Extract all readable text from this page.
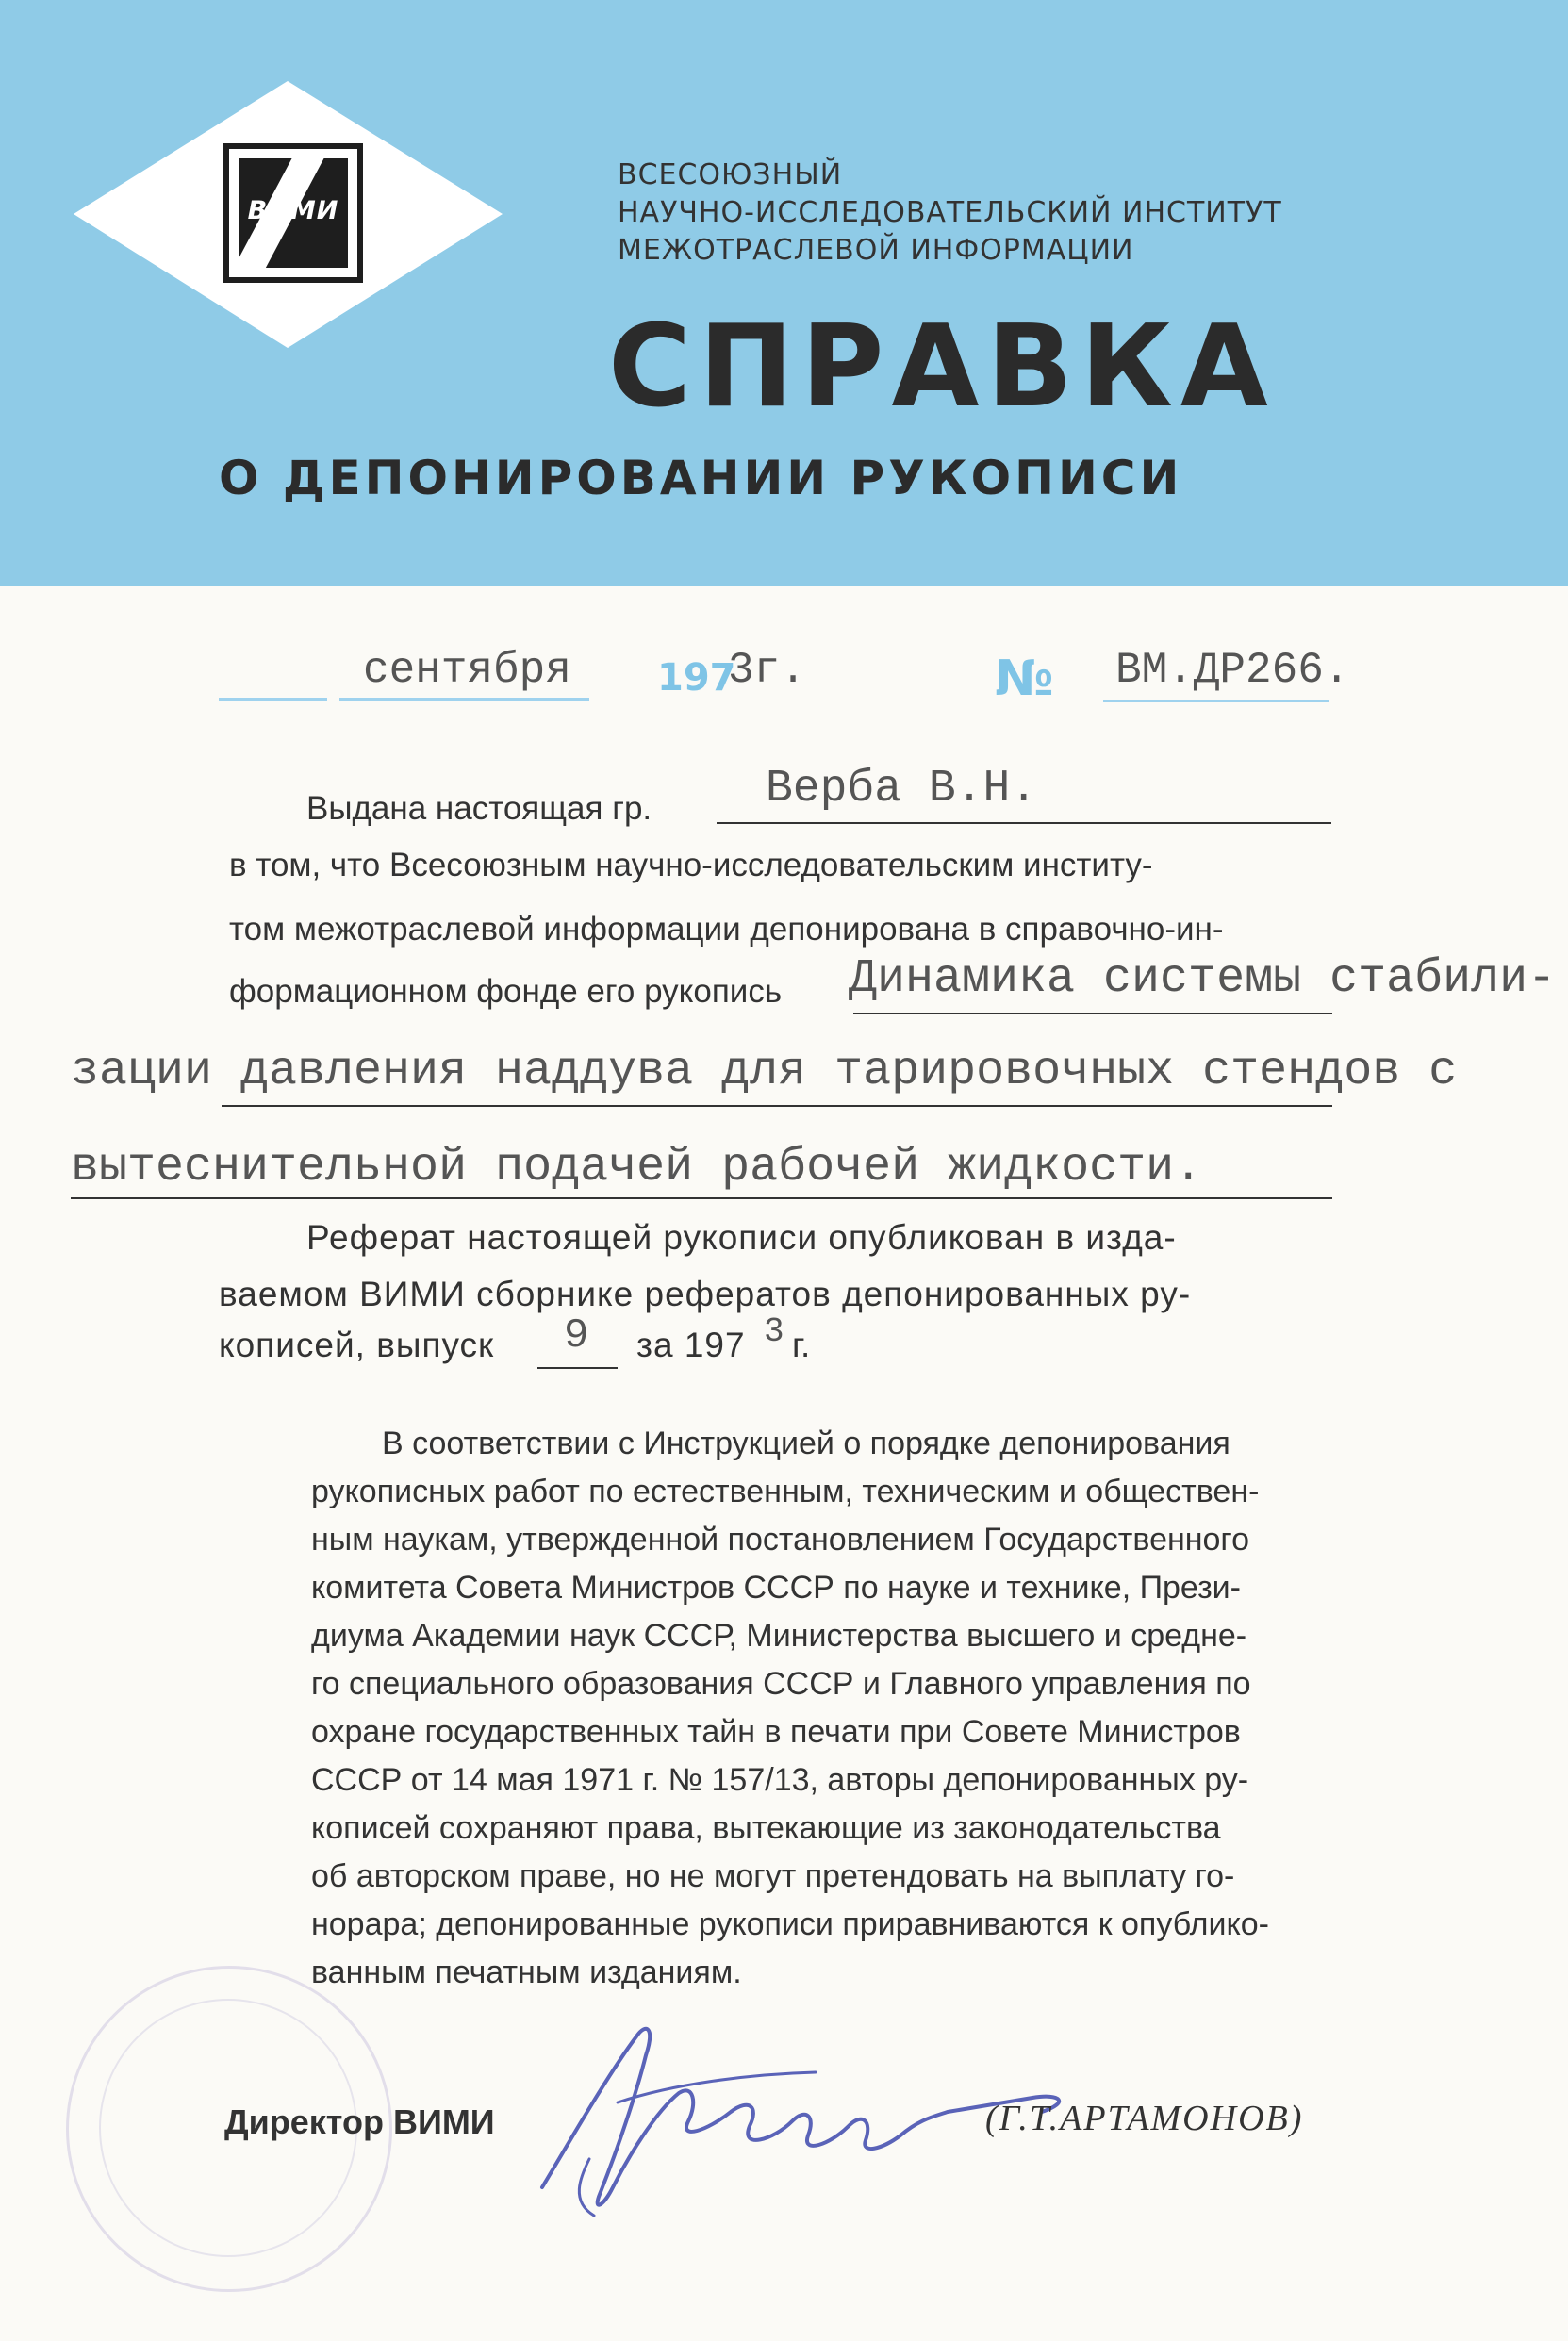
ВИМИ
ВСЕСОЮЗНЫЙ
НАУЧНО-ИССЛЕДОВАТЕЛЬСКИЙ ИНСТИТУТ
МЕЖОТРАСЛЕВОЙ ИНФОРМАЦИИ
СПРАВКА
О ДЕПОНИРОВАНИИ РУКОПИСИ
сентября 197
3г.	№ ВМ.ДР266.
Выдана настоящая гр.	Верба В.Н.
в том, что Всесоюзным научно-исследовательским институ-
том межотраслевой информации депонирована в справочно-ин-
формационном фонде его рукопись Динамика системы стабили-
зации давления наддува для тарировочных стендов с
вытеснительной подачей рабочей жидкости.
Реферат настоящей рукописи опубликован в изда-
ваемом ВИМИ сборнике рефератов депонированных ру-
кописей, выпуск 9 за 197 3 г.
В соответствии с Инструкцией о порядке депонирования
рукописных работ по естественным, техническим и обществен-
ным наукам, утвержденной постановлением Государственного
комитета Совета Министров СССР по науке и технике, Прези-
диума Академии наук СССР, Министерства высшего и средне-
го специального образования СССР и Главного управления по
охране государственных тайн в печати при Совете Министров
СССР от 14 мая 1971 г. № 157/13, авторы депонированных ру-
кописей сохраняют права, вытекающие из законодательства
об авторском праве, но не могут претендовать на выплату го-
норара; депонированные рукописи приравниваются к опублико-
ванным печатным изданиям.
Директор ВИМИ	(Г.Т.АРТАМОНОВ)
